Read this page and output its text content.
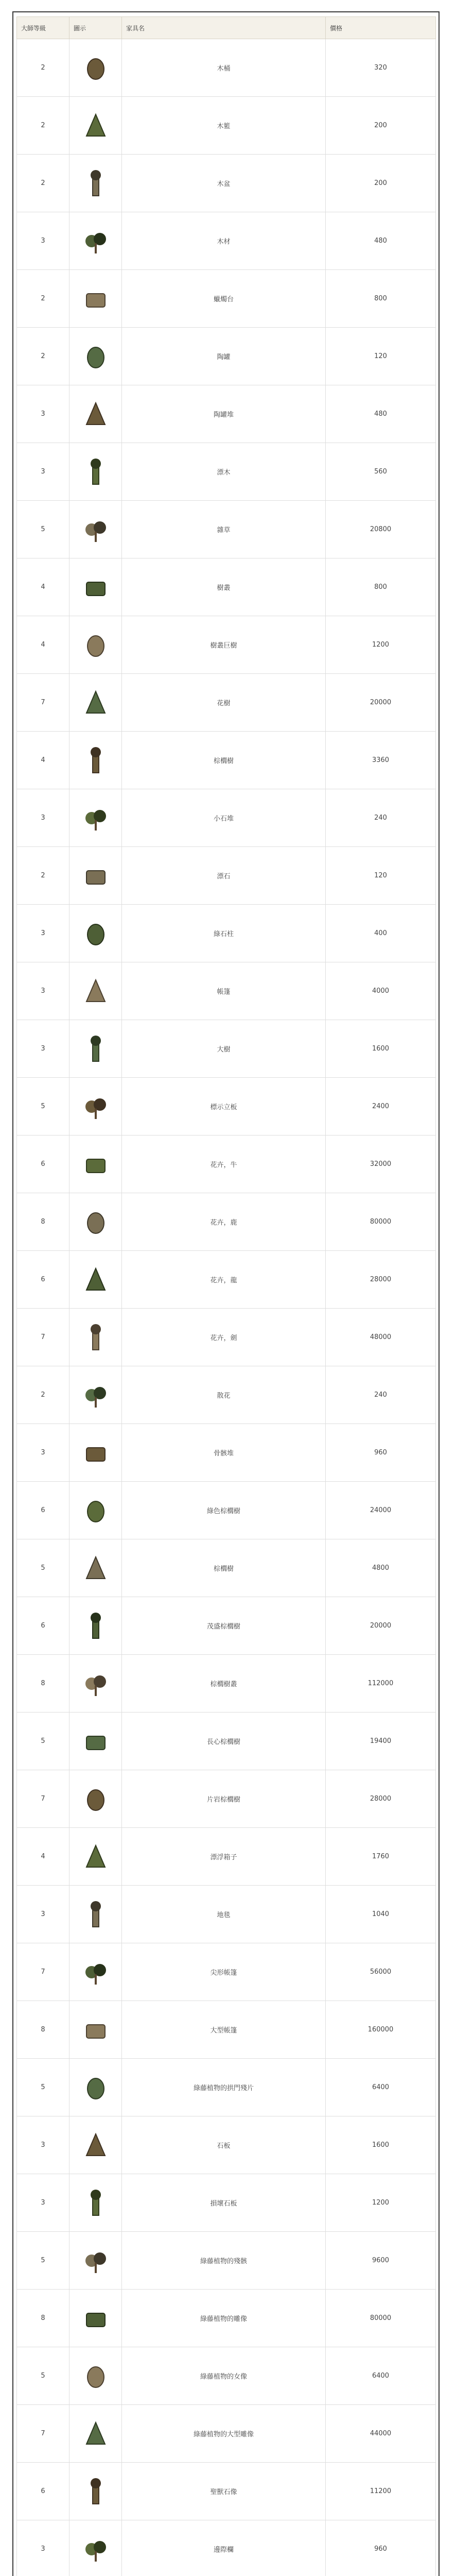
大師等級	圖示	家具名	價格
2		木桶	320
2		木籃	200
2		木盆	200
3		木材	480
2		蠟燭台	800
2		陶罐	120
3		陶罐堆	480
3		漂木	560
5		雜草	20800
4		樹叢	800
4		樹叢巨樹	1200
7		花樹	20000
4		棕櫚樹	3360
3		小石堆	240
2		漂石	120
3		綠石柱	400
3		帳篷	4000
3		大樹	1600
5		標示立板	2400
6		花卉，牛	32000
8		花卉，鹿	80000
6		花卉，龍	28000
7		花卉，劍	48000
2		散花	240
3		骨骸堆	960
6		綠色棕櫚樹	24000
5		棕櫚樹	4800
6		茂盛棕櫚樹	20000
8		棕櫚樹叢	112000
5		長心棕櫚樹	19400
7		片岩棕櫚樹	28000
4		漂浮箱子	1760
3		地毯	1040
7		尖形帳篷	56000
8		大型帳篷	160000
5		綠藤植物的拱門殘片	6400
3		石板	1600
3		損壞石板	1200
5		綠藤植物的殘骸	9600
8		綠藤植物的雕像	80000
5		綠藤植物的女像	6400
7		綠藤植物的大型雕像	44000
6		聖獸石像	11200
3		邊際欄	960
